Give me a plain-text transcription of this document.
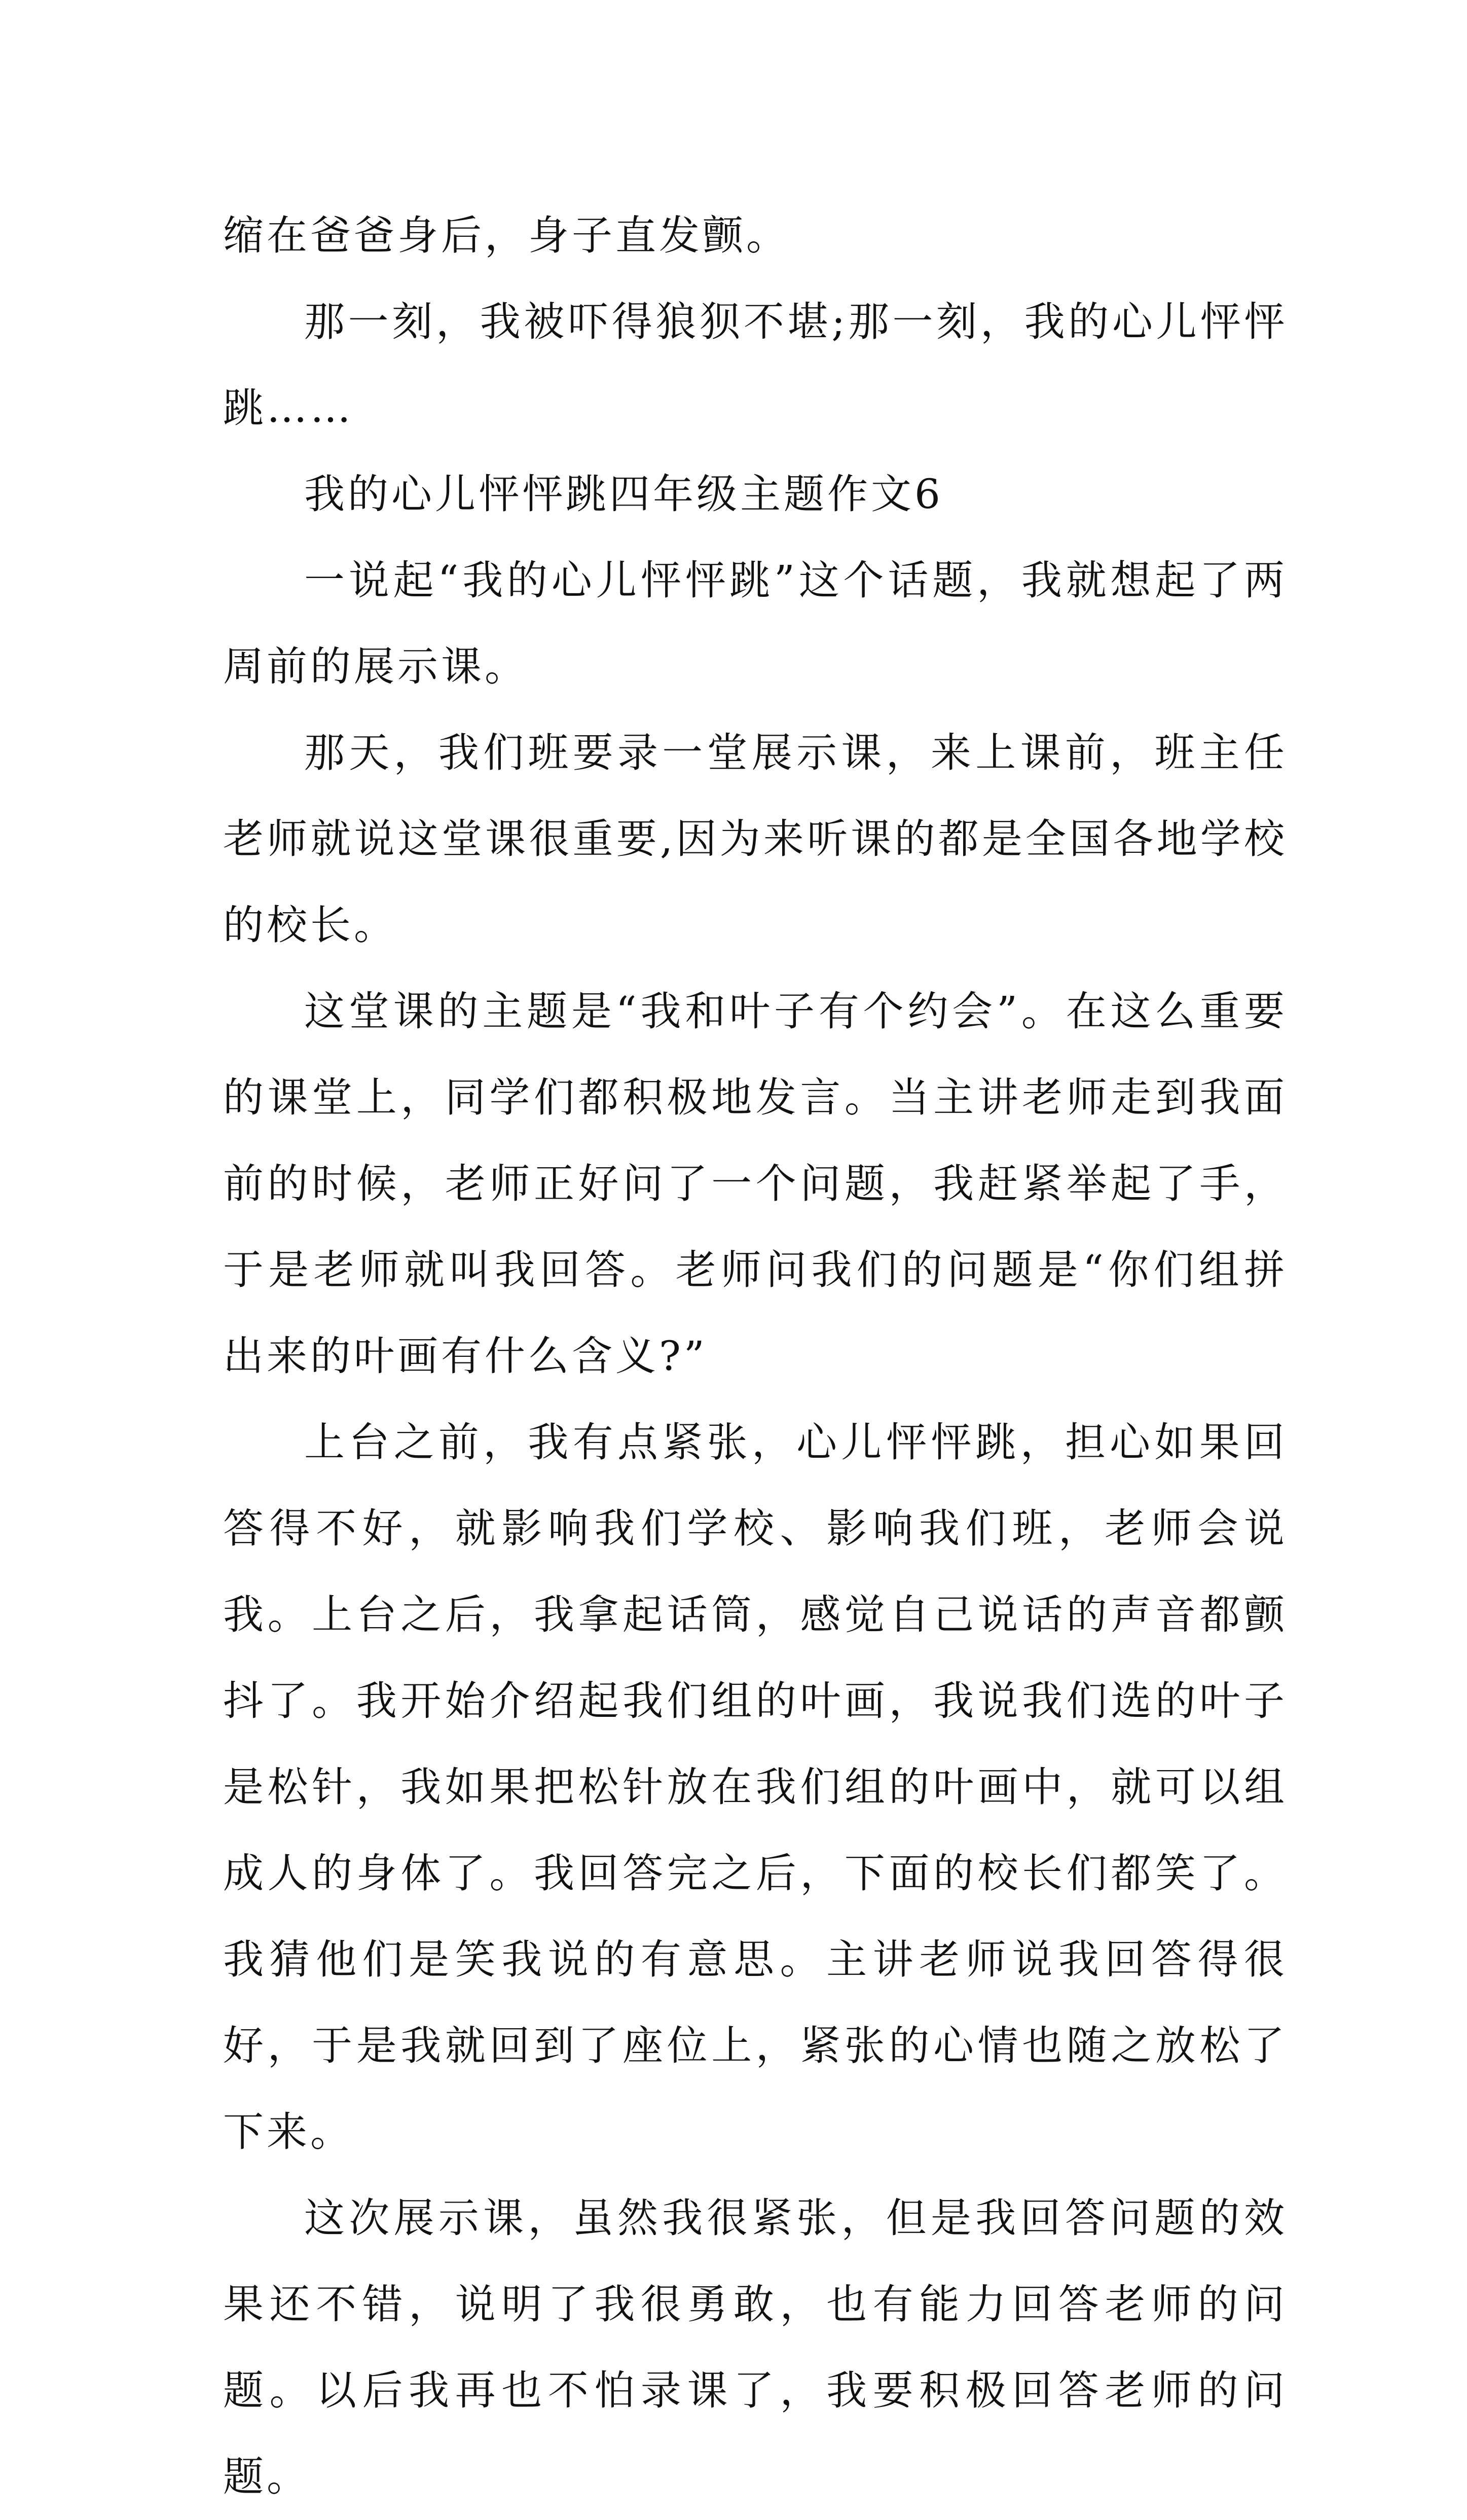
缩在爸爸身后，身子直发颤。

那一刻，我被吓得狼狈不堪;那一刻，我的心儿怦怦跳……

我的心儿怦怦跳四年级主题作文6

一说起“我的心儿怦怦跳”这个话题，我就想起了两周前的展示课。

那天，我们班要录一堂展示课，来上课前，班主任老师就说这堂课很重要,因为来听课的都是全国各地学校的校长。

这堂课的主题是“我和叶子有个约会”。在这么重要的课堂上，同学们都积极地发言。当主讲老师走到我面前的时候，老师正好问了一个问题，我赶紧举起了手，于是老师就叫我回答。老师问我们的问题是“你们组拼出来的叶画有什么含义?”

上台之前，我有点紧张，心儿怦怦跳，担心如果回答得不好，就影响我们学校、影响我们班，老师会说我。上台之后，我拿起话筒，感觉自己说话的声音都颤抖了。我开始介绍起我们组的叶画，我说我们选的叶子是松针，我如果把松针放在我们组的叶画中，就可以组成人的身体了。我回答完之后，下面的校长们都笑了。我猜他们是笑我说的有意思。主讲老师说我回答得很好，于是我就回到了座位上，紧张的心情也随之放松了下来。

这次展示课，虽然我很紧张，但是我回答问题的效果还不错，说明了我很勇敢，也有能力回答老师的问题。以后我再也不怕录课了，我要积极回答老师的问题。
